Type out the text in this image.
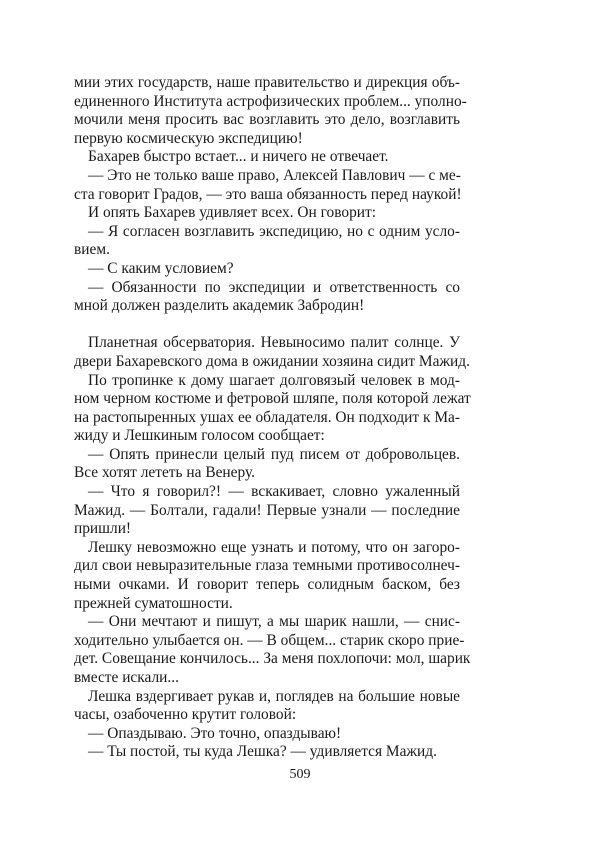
мии этих государств, наше правительство и дирекция объ-
единенного Института астрофизических проблем... уполно-
мочили меня просить вас возглавить это дело, возглавить
первую космическую экспедицию!
Бахарев быстро встает... и ничего не отвечает.
— Это не только ваше право, Алексей Павлович — с ме-
ста говорит Градов, — это ваша обязанность перед наукой!
И опять Бахарев удивляет всех. Он говорит:
— Я согласен возглавить экспедицию, но с одним усло-
вием.
— С каким условием?
— Обязанности по экспедиции и ответственность со
мной должен разделить академик Забродин!
Планетная обсерватория. Невыносимо палит солнце. У
двери Бахаревского дома в ожидании хозяина сидит Мажид.
По тропинке к дому шагает долговязый человек в мод-
ном черном костюме и фетровой шляпе, поля которой лежат
на растопыренных ушах ее обладателя. Он подходит к Ма-
жиду и Лешкиным голосом сообщает:
— Опять принесли целый пуд писем от добровольцев.
Все хотят лететь на Венеру.
— Что я говорил?! — вскакивает, словно ужаленный
Мажид. — Болтали, гадали! Первые узнали — последние
пришли!
Лешку невозможно еще узнать и потому, что он загоро-
дил свои невыразительные глаза темными противосолнеч-
ными очками. И говорит теперь солидным баском, без
прежней суматошности.
— Они мечтают и пишут, а мы шарик нашли, — снис-
ходительно улыбается он. — В общем... старик скоро прие-
дет. Совещание кончилось... За меня похлопочи: мол, шарик
вместе искали...
Лешка вздергивает рукав и, поглядев на большие новые
часы, озабоченно крутит головой:
— Опаздываю. Это точно, опаздываю!
— Ты постой, ты куда Лешка? — удивляется Мажид.
509
